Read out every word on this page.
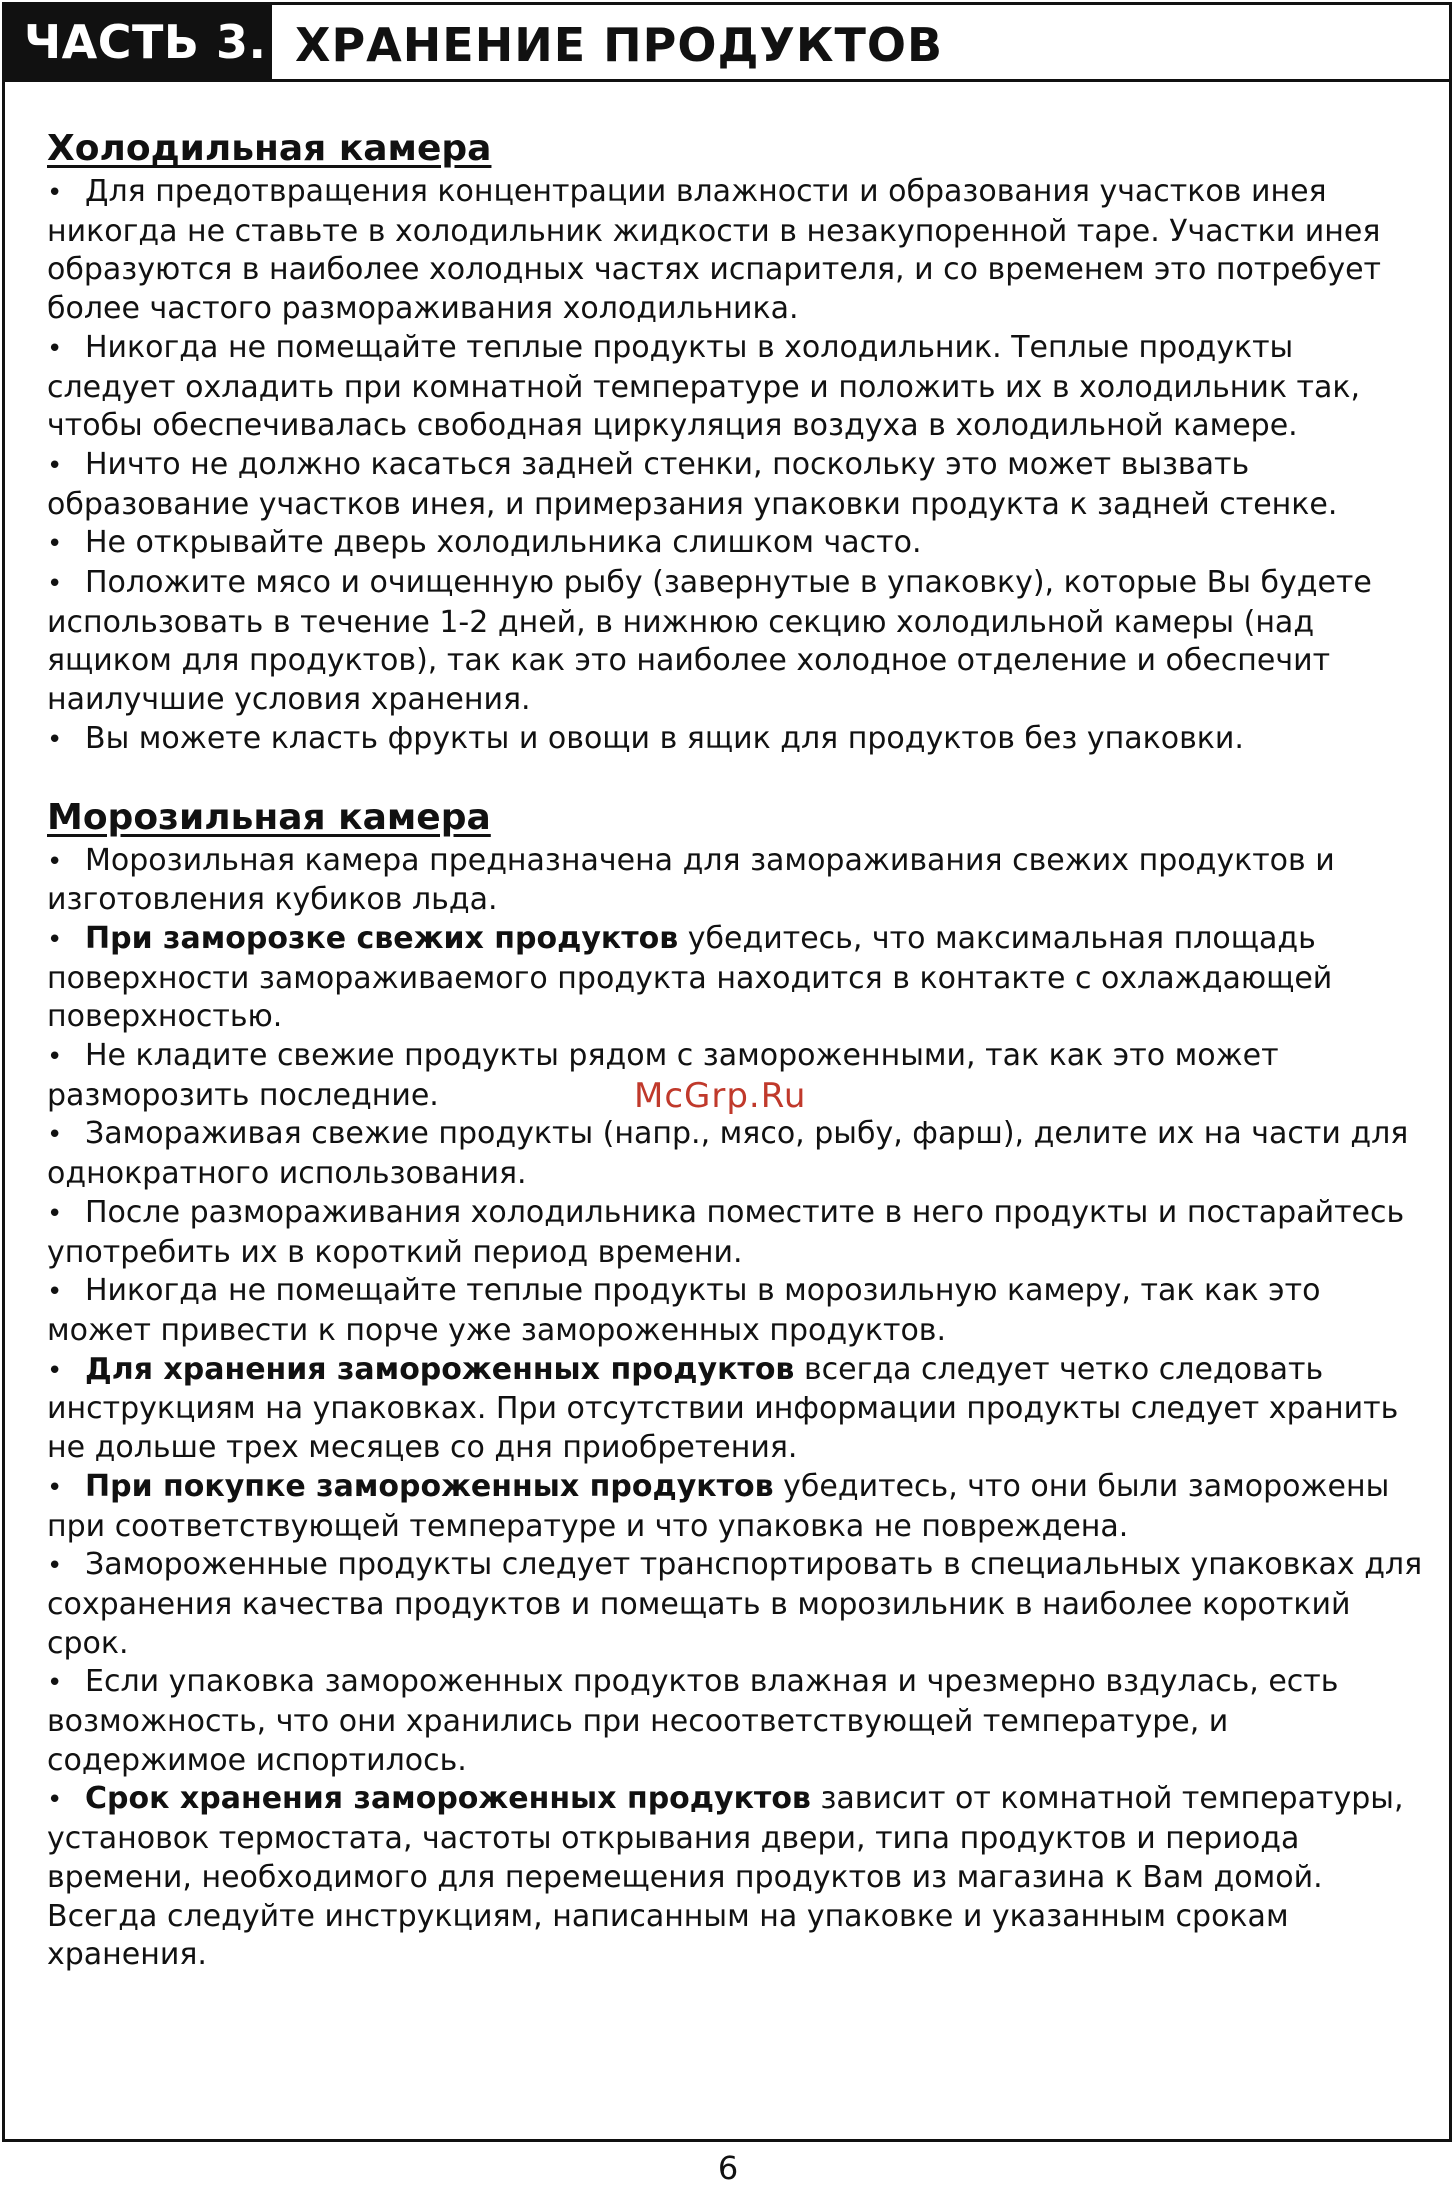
ЧАСТЬ 3. ХРАНЕНИЕ ПРОДУКТОВ
Холодильная камера

• Для предотвращения концентрации влажности и образования участков инея никогда не ставьте в холодильник жидкости в незакупоренной таре. Участки инея образуются в наиболее холодных частях испарителя, и со временем это потребует более частого размораживания холодильника.

• Никогда не помещайте теплые продукты в холодильник. Теплые продукты следует охладить при комнатной температуре и положить их в холодильник так, чтобы обеспечивалась свободная циркуляция воздуха в холодильной камере.

• Ничто не должно касаться задней стенки, поскольку это может вызвать образование участков инея, и примерзания упаковки продукта к задней стенке.

• Не открывайте дверь холодильника слишком часто.

• Положите мясо и очищенную рыбу (завернутые в упаковку), которые Вы будете использовать в течение 1-2 дней, в нижнюю секцию холодильной камеры (над ящиком для продуктов), так как это наиболее холодное отделение и обеспечит наилучшие условия хранения.

• Вы можете класть фрукты и овощи в ящик для продуктов без упаковки.

Морозильная камера

• Морозильная камера предназначена для замораживания свежих продуктов и изготовления кубиков льда.

• При заморозке свежих продуктов убедитесь, что максимальная площадь поверхности замораживаемого продукта находится в контакте с охлаждающей поверхностью.

• Не кладите свежие продукты рядом с замороженными, так как это может разморозить последние.

• Замораживая свежие продукты (напр., мясо, рыбу, фарш), делите их на части для однократного использования.

• После размораживания холодильника поместите в него продукты и постарайтесь употребить их в короткий период времени.

• Никогда не помещайте теплые продукты в морозильную камеру, так как это может привести к порче уже замороженных продуктов.

• Для хранения замороженных продуктов всегда следует четко следовать инструкциям на упаковках. При отсутствии информации продукты следует хранить не дольше трех месяцев со дня приобретения.

• При покупке замороженных продуктов убедитесь, что они были заморожены при соответствующей температуре и что упаковка не повреждена.

• Замороженные продукты следует транспортировать в специальных упаковках для сохранения качества продуктов и помещать в морозильник в наиболее короткий срок.

• Если упаковка замороженных продуктов влажная и чрезмерно вздулась, есть возможность, что они хранились при несоответствующей температуре, и содержимое испортилось.

• Срок хранения замороженных продуктов зависит от комнатной температуры, установок термостата, частоты открывания двери, типа продуктов и периода времени, необходимого для перемещения продуктов из магазина к Вам домой. Всегда следуйте инструкциям, написанным на упаковке и указанным срокам хранения.

McGrp.Ru
6
